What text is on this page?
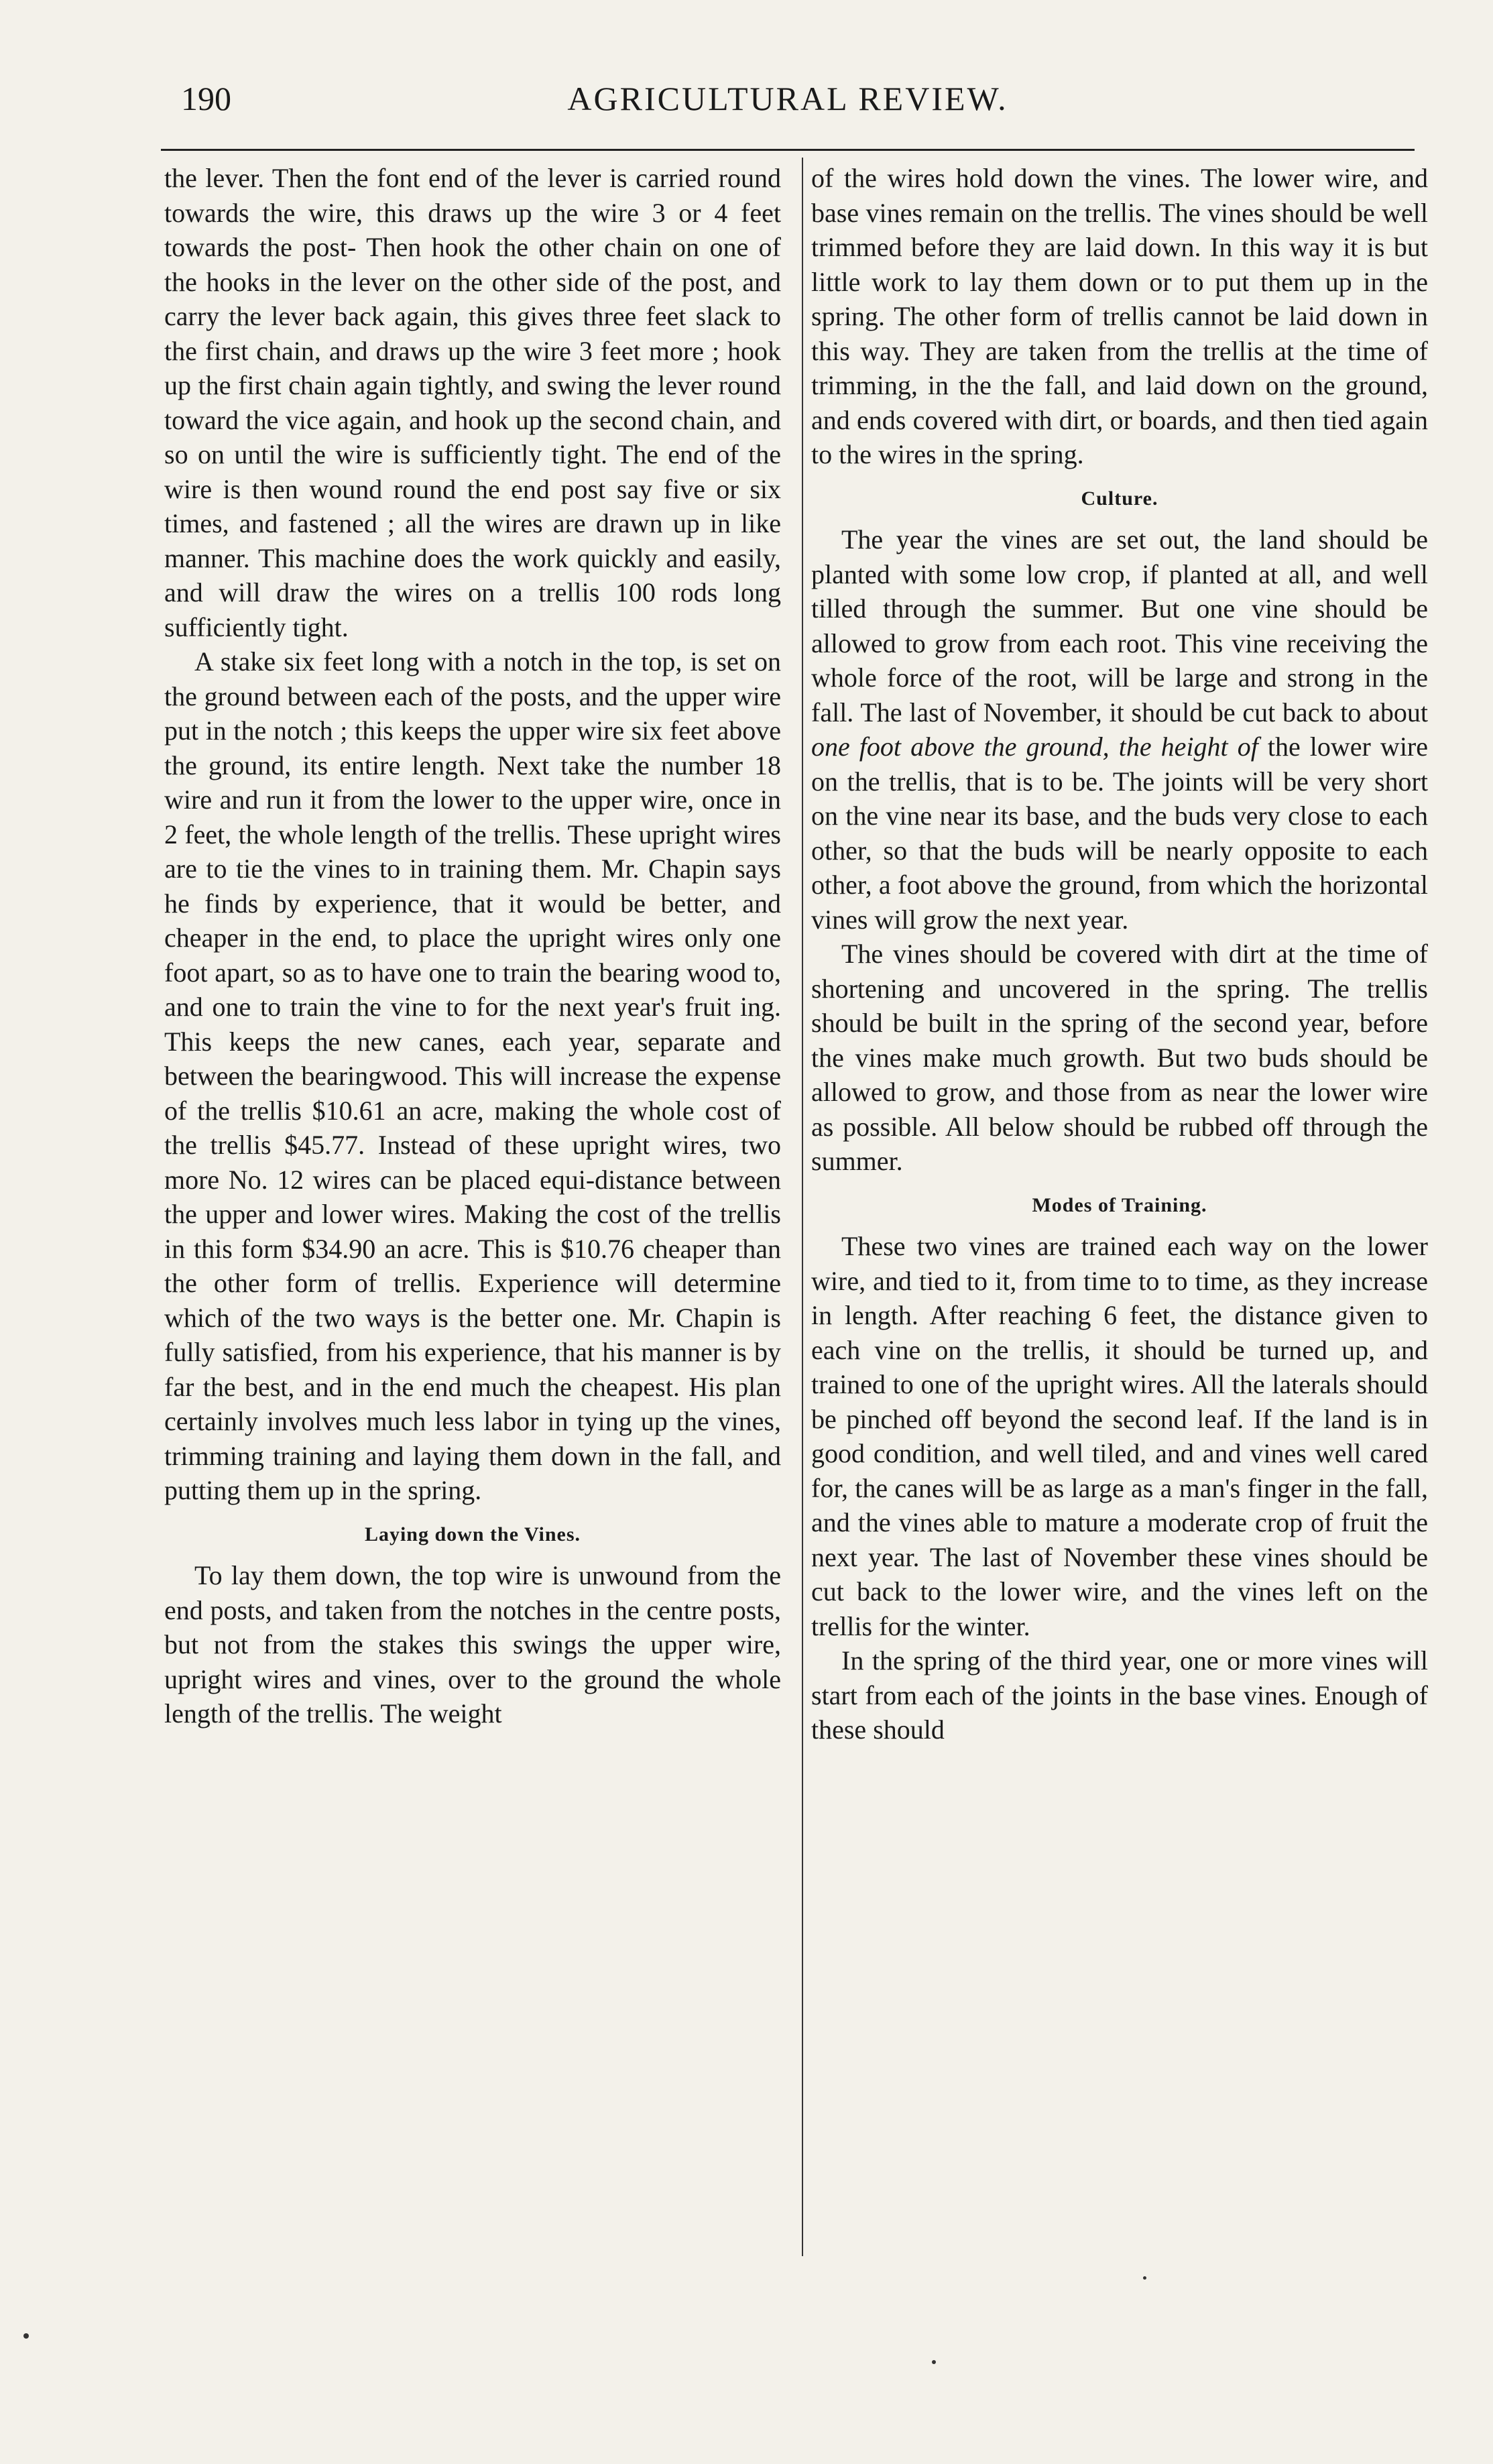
190	AGRICULTURAL REVIEW.

the lever. Then the font end of the lever is carried round towards the wire, this draws up the wire 3 or 4 feet towards the post- Then hook the other chain on one of the hooks in the lever on the other side of the post, and carry the lever back again, this gives three feet slack to the first chain, and draws up the wire 3 feet more ; hook up the first chain again tightly, and swing the lever round toward the vice again, and hook up the second chain, and so on until the wire is sufficiently tight. The end of the wire is then wound round the end post say five or six times, and fastened ; all the wires are drawn up in like manner. This machine does the work quickly and easily, and will draw the wires on a trellis 100 rods long sufficiently tight.

A stake six feet long with a notch in the top, is set on the ground between each of the posts, and the upper wire put in the notch ; this keeps the upper wire six feet above the ground, its entire length. Next take the number 18 wire and run it from the lower to the upper wire, once in 2 feet, the whole length of the trellis. These upright wires are to tie the vines to in training them. Mr. Chapin says he finds by experience, that it would be better, and cheaper in the end, to place the upright wires only one foot apart, so as to have one to train the bearing wood to, and one to train the vine to for the next year's fruit ing. This keeps the new canes, each year, separate and between the bearingwood. This will increase the expense of the trellis $10.61 an acre, making the whole cost of the trellis $45.77. Instead of these upright wires, two more No. 12 wires can be placed equi-distance between the upper and lower wires. Making the cost of the trellis in this form $34.90 an acre. This is $10.76 cheaper than the other form of trellis. Experience will determine which of the two ways is the better one. Mr. Chapin is fully satisfied, from his experience, that his manner is by far the best, and in the end much the cheapest. His plan certainly involves much less labor in tying up the vines, trimming training and laying them down in the fall, and putting them up in the spring.

Laying down the Vines.

To lay them down, the top wire is unwound from the end posts, and taken from the notches in the centre posts, but not from the stakes this swings the upper wire, upright wires and vines, over to the ground the whole length of the trellis. The weight

of the wires hold down the vines. The lower wire, and base vines remain on the trellis. The vines should be well trimmed before they are laid down. In this way it is but little work to lay them down or to put them up in the spring. The other form of trellis cannot be laid down in this way. They are taken from the trellis at the time of trimming, in the the fall, and laid down on the ground, and ends covered with dirt, or boards, and then tied again to the wires in the spring.

Culture.

The year the vines are set out, the land should be planted with some low crop, if planted at all, and well tilled through the summer. But one vine should be allowed to grow from each root. This vine receiving the whole force of the root, will be large and strong in the fall. The last of November, it should be cut back to about one foot above the ground, the height of the lower wire on the trellis, that is to be. The joints will be very short on the vine near its base, and the buds very close to each other, so that the buds will be nearly opposite to each other, a foot above the ground, from which the horizontal vines will grow the next year.

The vines should be covered with dirt at the time of shortening and uncovered in the spring. The trellis should be built in the spring of the second year, before the vines make much growth. But two buds should be allowed to grow, and those from as near the lower wire as possible. All below should be rubbed off through the summer.

Modes of Training.

These two vines are trained each way on the lower wire, and tied to it, from time to to time, as they increase in length. After reaching 6 feet, the distance given to each vine on the trellis, it should be turned up, and trained to one of the upright wires. All the laterals should be pinched off beyond the second leaf. If the land is in good condition, and well tiled, and and vines well cared for, the canes will be as large as a man's finger in the fall, and the vines able to mature a moderate crop of fruit the next year. The last of November these vines should be cut back to the lower wire, and the vines left on the trellis for the winter.

In the spring of the third year, one or more vines will start from each of the joints in the base vines. Enough of these should
